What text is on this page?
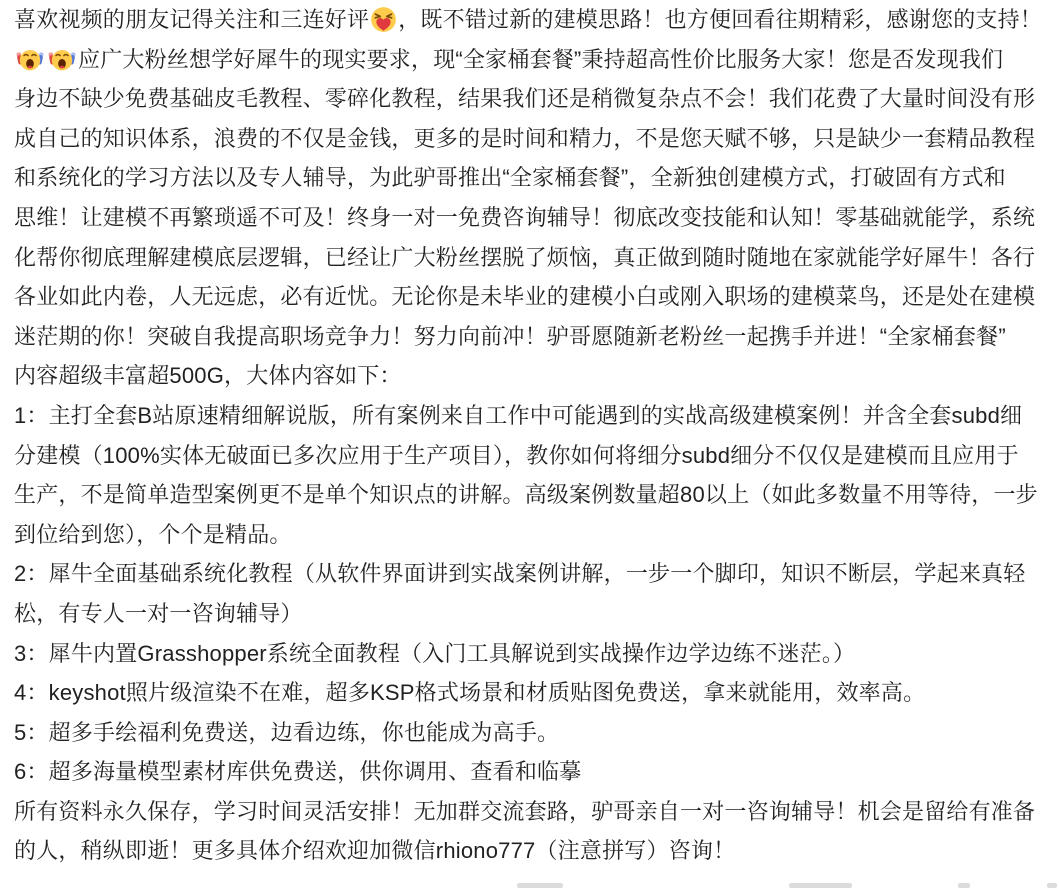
喜欢视频的朋友记得关注和三连好评 ，既不错过新的建模思路！也方便回看往期精彩，感谢您的支持！
应广大粉丝想学好犀牛的现实要求，现“全家桶套餐”秉持超高性价比服务大家！您是否发现我们
身边不缺少免费基础皮毛教程、零碎化教程，结果我们还是稍微复杂点不会！我们花费了大量时间没有形
成自己的知识体系，浪费的不仅是金钱，更多的是时间和精力，不是您天赋不够，只是缺少一套精品教程
和系统化的学习方法以及专人辅导，为此驴哥推出“全家桶套餐”，全新独创建模方式，打破固有方式和
思维！让建模不再繁琐遥不可及！终身一对一免费咨询辅导！彻底改变技能和认知！零基础就能学，系统
化帮你彻底理解建模底层逻辑，已经让广大粉丝摆脱了烦恼，真正做到随时随地在家就能学好犀牛！各行
各业如此内卷，人无远虑，必有近忧。无论你是未毕业的建模小白或刚入职场的建模菜鸟，还是处在建模
迷茫期的你！突破自我提高职场竞争力！努力向前冲！驴哥愿随新老粉丝一起携手并进！“全家桶套餐”
内容超级丰富超500G，大体内容如下：
1：主打全套B站原速精细解说版，所有案例来自工作中可能遇到的实战高级建模案例！并含全套subd细
分建模（100%实体无破面已多次应用于生产项目），教你如何将细分subd细分不仅仅是建模而且应用于
生产，不是简单造型案例更不是单个知识点的讲解。高级案例数量超80以上（如此多数量不用等待，一步
到位给到您），个个是精品。
2：犀牛全面基础系统化教程（从软件界面讲到实战案例讲解，一步一个脚印，知识不断层，学起来真轻
松，有专人一对一咨询辅导）
3：犀牛内置Grasshopper系统全面教程（入门工具解说到实战操作边学边练不迷茫。）
4：keyshot照片级渲染不在难，超多KSP格式场景和材质贴图免费送，拿来就能用，效率高。
5：超多手绘福利免费送，边看边练，你也能成为高手。
6：超多海量模型素材库供免费送，供你调用、查看和临摹
所有资料永久保存，学习时间灵活安排！无加群交流套路，驴哥亲自一对一咨询辅导！机会是留给有准备
的人，稍纵即逝！更多具体介绍欢迎加微信rhiono777（注意拼写）咨询！
